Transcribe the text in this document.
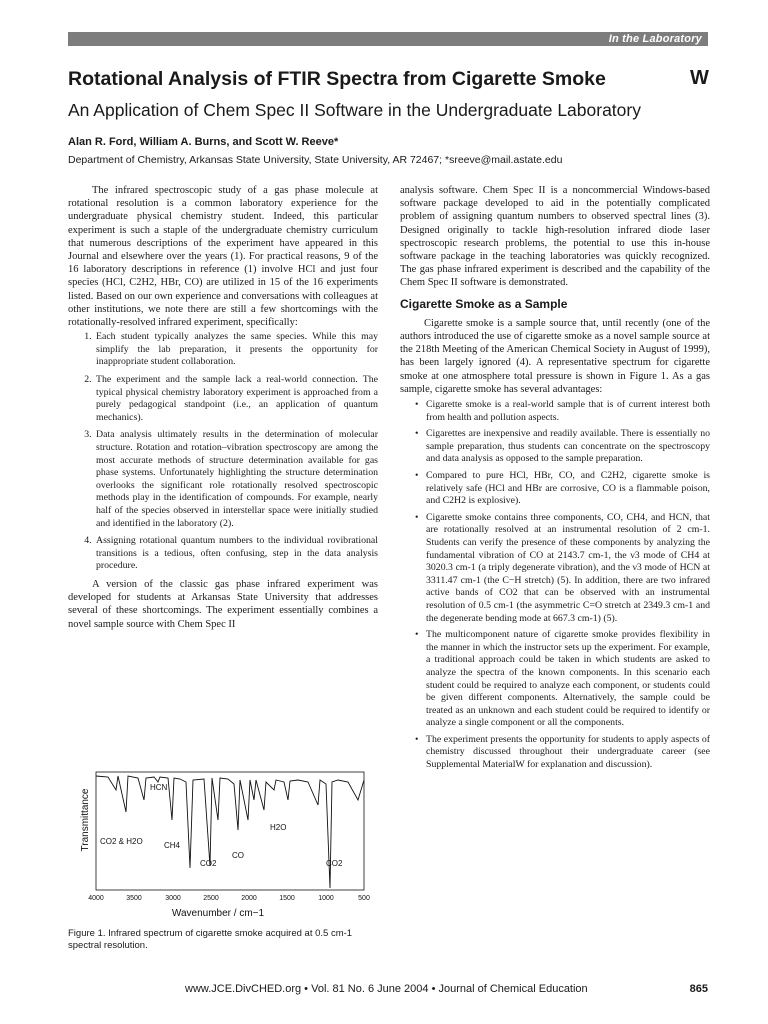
In the Laboratory
Rotational Analysis of FTIR Spectra from Cigarette Smoke	W
An Application of Chem Spec II Software in the Undergraduate Laboratory
Alan R. Ford, William A. Burns, and Scott W. Reeve*
Department of Chemistry, Arkansas State University, State University, AR 72467; *sreeve@mail.astate.edu

The infrared spectroscopic study of a gas phase molecule at rotational resolution is a common laboratory experience for the undergraduate physical chemistry student. Indeed, this particular experiment is such a staple of the undergraduate chemistry curriculum that numerous descriptions of the experiment have appeared in this Journal and elsewhere over the years (1). For practical reasons, 9 of the 16 laboratory descriptions in reference (1) involve HCl and just four species (HCl, C2H2, HBr, CO) are utilized in 15 of the 16 experiments listed. Based on our own experience and conversations with colleagues at other institutions, we note there are still a few shortcomings with the rotationally-resolved infrared experiment, specifically:

1. Each student typically analyzes the same species. While this may simplify the lab preparation, it presents the opportunity for inappropriate student collaboration.
2. The experiment and the sample lack a real-world connection. The typical physical chemistry laboratory experiment is approached from a purely pedagogical standpoint (i.e., an application of quantum mechanics).
3. Data analysis ultimately results in the determination of molecular structure. Rotation and rotation–vibration spectroscopy are among the most accurate methods of structure determination available for gas phase systems. Unfortunately highlighting the structure determination overlooks the significant role rotationally resolved spectroscopic methods play in the identification of compounds. For example, nearly half of the species observed in interstellar space were initially studied and identified in the laboratory (2).
4. Assigning rotational quantum numbers to the individual rovibrational transitions is a tedious, often confusing, step in the data analysis procedure.

A version of the classic gas phase infrared experiment was developed for students at Arkansas State University that addresses several of these shortcomings. The experiment essentially combines a novel sample source with Chem Spec II

analysis software. Chem Spec II is a noncommercial Windows-based software package developed to aid in the potentially complicated problem of assigning quantum numbers to observed spectral lines (3). Designed originally to tackle high-resolution infrared diode laser spectroscopic research problems, the potential to use this in-house software package in the teaching laboratories was quickly recognized. The gas phase infrared experiment is described and the capability of the Chem Spec II software is demonstrated.

Cigarette Smoke as a Sample

Cigarette smoke is a sample source that, until recently (one of the authors introduced the use of cigarette smoke as a novel sample source at the 218th Meeting of the American Chemical Society in August of 1999), has been largely ignored (4). A representative spectrum for cigarette smoke at one atmosphere total pressure is shown in Figure 1. As a gas sample, cigarette smoke has several advantages:

• Cigarette smoke is a real-world sample that is of current interest both from health and pollution aspects.
• Cigarettes are inexpensive and readily available. There is essentially no sample preparation, thus students can concentrate on the spectroscopy and data analysis as opposed to the sample preparation.
• Compared to pure HCl, HBr, CO, and C2H2, cigarette smoke is relatively safe (HCl and HBr are corrosive, CO is a flammable poison, and C2H2 is explosive).
• Cigarette smoke contains three components, CO, CH4, and HCN, that are rotationally resolved at an instrumental resolution of 2 cm-1. Students can verify the presence of these components by analyzing the fundamental vibration of CO at 2143.7 cm-1, the ν3 mode of CH4 at 3020.3 cm-1 (a triply degenerate vibration), and the ν3 mode of HCN at 3311.47 cm-1 (the C−H stretch) (5). In addition, there are two infrared active bands of CO2 that can be observed with an instrumental resolution of 0.5 cm-1 (the asymmetric C=O stretch at 2349.3 cm-1 and the degenerate bending mode at 667.3 cm-1) (5).
• The multicomponent nature of cigarette smoke provides flexibility in the manner in which the instructor sets up the experiment. For example, a traditional approach could be taken in which students are asked to analyze the spectra of the known components. In this scenario each student could be required to analyze each component, or students could be given different components. Alternatively, the sample could be treated as an unknown and each student could be required to identify or analyze a single component or all the components.
• The experiment presents the opportunity for students to apply aspects of chemistry discussed throughout their undergraduate career (see Supplemental MaterialW for explanation and discussion).
Transmittance
HCN
CO2 & H2O	CH4
CO2
CO
H2O
CO2
4000	3500	3000	2500	2000	1500	1000	500
Wavenumber / cm−1
Figure 1. Infrared spectrum of cigarette smoke acquired at 0.5 cm-1 spectral resolution.
www.JCE.DivCHED.org • Vol. 81 No. 6 June 2004 • Journal of Chemical Education	865
